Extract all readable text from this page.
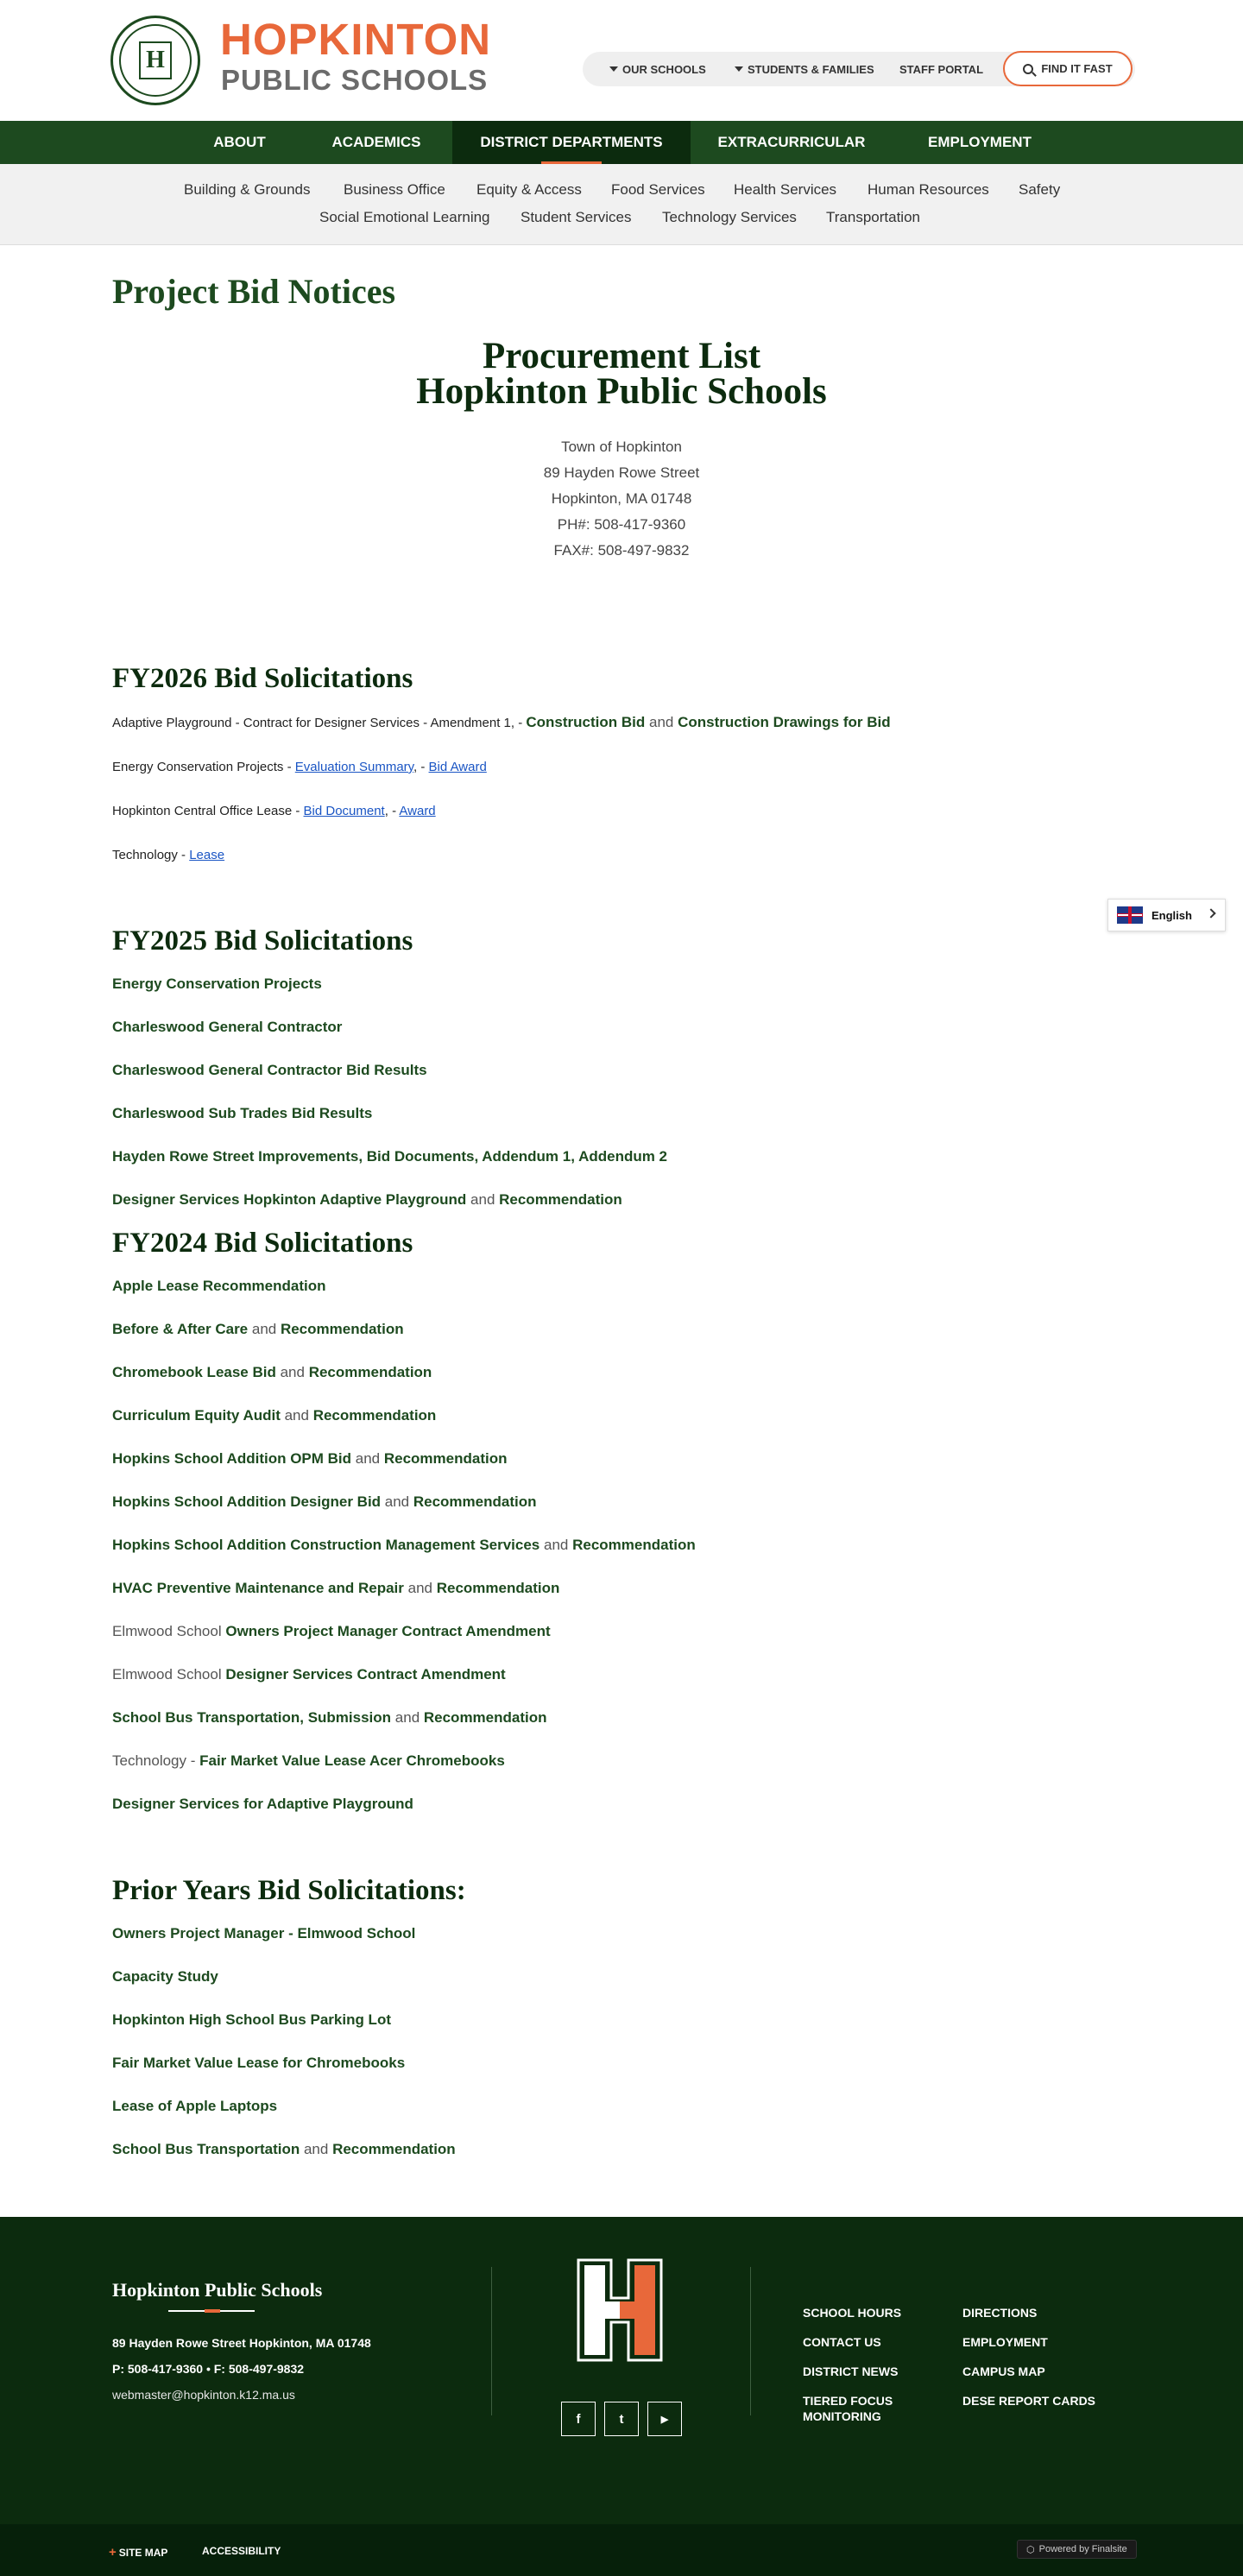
H HOPKINTON
PUBLIC SCHOOLS	OUR SCHOOLS	STUDENTS & FAMILIES STAFF PORTAL	FIND IT FAST
ABOUT	ACADEMICS	DISTRICT DEPARTMENTS	EXTRACURRICULAR	EMPLOYMENT
Building & Grounds Business Office Equity & Access Food Services Health Services Human Resources Safety
Social Emotional Learning Student Services Technology Services Transportation
Project Bid Notices
Procurement List
Hopkinton Public Schools
Town of Hopkinton
89 Hayden Rowe Street
Hopkinton, MA 01748
PH#: 508-417-9360
FAX#: 508-497-9832
FY2026 Bid Solicitations
Adaptive Playground - Contract for Designer Services - Amendment 1, - Construction Bid and Construction Drawings for Bid
Energy Conservation Projects - Evaluation Summary, - Bid Award
Hopkinton Central Office Lease - Bid Document, - Award
Technology - Lease
FY2025 Bid Solicitations
Energy Conservation Projects
Charleswood General Contractor
Charleswood General Contractor Bid Results
Charleswood Sub Trades Bid Results
Hayden Rowe Street Improvements, Bid Documents, Addendum 1, Addendum 2
Designer Services Hopkinton Adaptive Playground and Recommendation
FY2024 Bid Solicitations
Apple Lease Recommendation
Before & After Care and Recommendation
Chromebook Lease Bid and Recommendation
Curriculum Equity Audit and Recommendation
Hopkins School Addition OPM Bid and Recommendation
Hopkins School Addition Designer Bid and Recommendation
Hopkins School Addition Construction Management Services and Recommendation
HVAC Preventive Maintenance and Repair and Recommendation
Elmwood School Owners Project Manager Contract Amendment
Elmwood School Designer Services Contract Amendment
School Bus Transportation, Submission and Recommendation
Technology - Fair Market Value Lease Acer Chromebooks
Designer Services for Adaptive Playground
Prior Years Bid Solicitations:
Owners Project Manager - Elmwood School
Capacity Study
Hopkinton High School Bus Parking Lot
Fair Market Value Lease for Chromebooks
Lease of Apple Laptops
School Bus Transportation and Recommendation
English
Hopkinton Public Schools
89 Hayden Rowe Street Hopkinton, MA 01748
P: 508-417-9360 • F: 508-497-9832
webmaster@hopkinton.k12.ma.us
f	t	▶
SCHOOL HOURS
CONTACT US
DISTRICT NEWS
TIERED FOCUS MONITORING
DIRECTIONS
EMPLOYMENT
CAMPUS MAP
DESE REPORT CARDS
+ SITE MAP	ACCESSIBILITY	⬡ Powered by Finalsite
